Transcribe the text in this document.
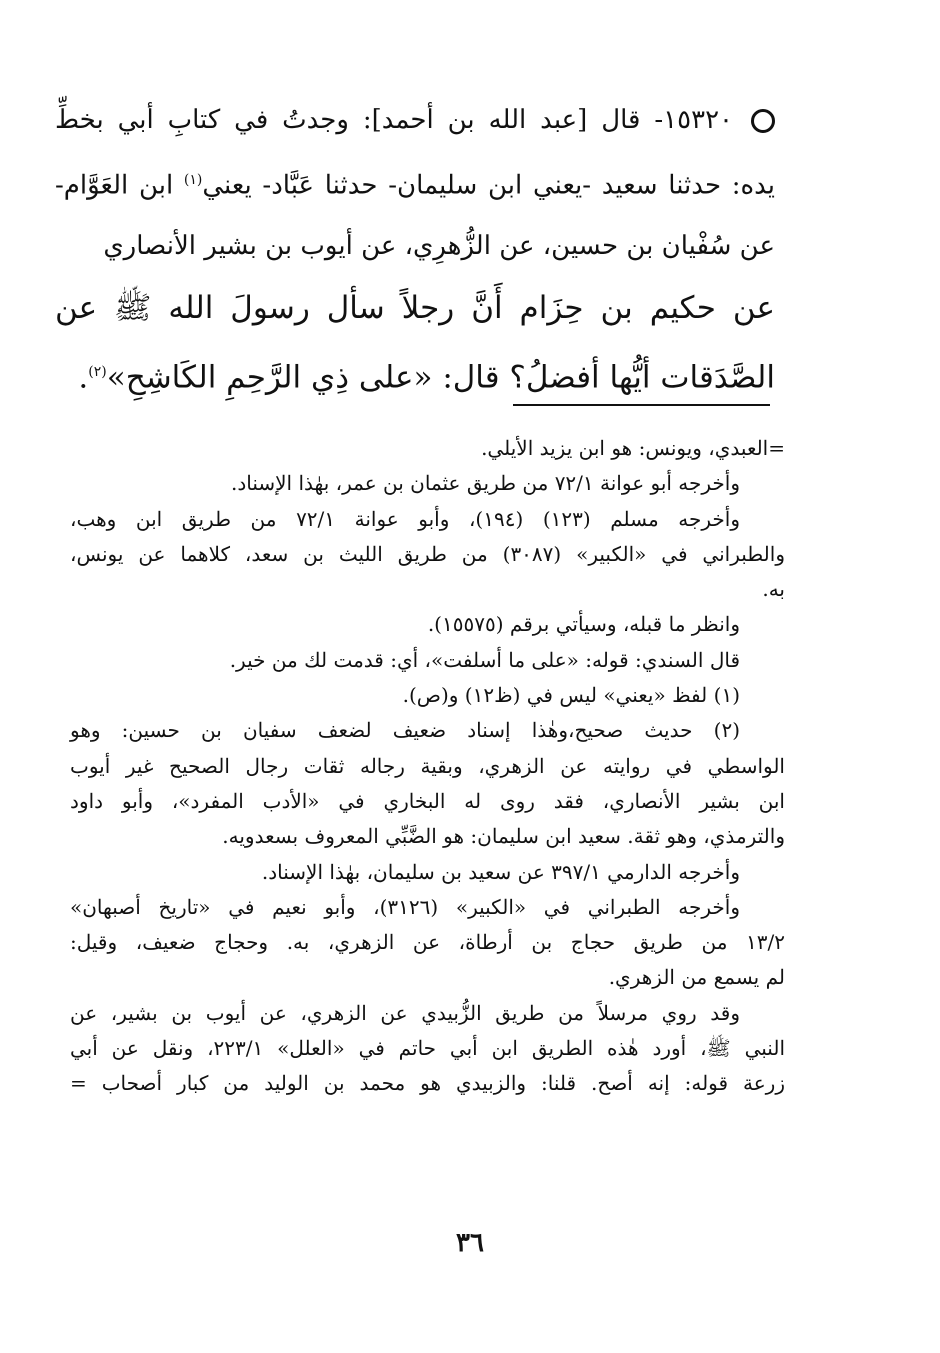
١٥٣٢٠- قال [عبد الله بن أحمد]: وجدتُ في كتابِ أبي بخطِّ
يده: حدثنا سعيد -يعني ابن سليمان- حدثنا عَبَّاد- يعني$^{(١)}$ ابن العَوَّام-
عن سُفْيان بن حسين، عن الزُّهرِي، عن أيوب بن بشير الأنصاري
عن حكيم بن حِزَام أَنَّ رجلاً سأل رسولَ الله ﷺ عن
الصَّدَقات أيُّها أفضلُ؟ قال: «على ذِي الرَّحِمِ الكَاشِحِ»$^{(٢)}$.
=العبدي، ويونس: هو ابن يزيد الأيلي.
وأخرجه أبو عوانة ٧٢/١ من طريق عثمان بن عمر، بهٰذا الإسناد.
وأخرجه مسلم (١٢٣) (١٩٤)، وأبو عوانة ٧٢/١ من طريق ابن وهب،
والطبراني في «الكبير» (٣٠٨٧) من طريق الليث بن سعد، كلاهما عن يونس،
به.
وانظر ما قبله، وسيأتي برقم (١٥٥٧٥).
قال السندي: قوله: «على ما أسلفت»، أي: قدمت لك من خير.
(١) لفظ «يعني» ليس في (ظ١٢) و(ص).
(٢) حديث صحيح،وهٰذا إسناد ضعيف لضعف سفيان بن حسين: وهو
الواسطي في روايته عن الزهري، وبقية رجاله ثقات رجال الصحيح غير أيوب
ابن بشير الأنصاري، فقد روى له البخاري في «الأدب المفرد»، وأبو داود
والترمذي، وهو ثقة. سعيد ابن سليمان: هو الضَّبِّي المعروف بسعدويه.
وأخرجه الدارمي ٣٩٧/١ عن سعيد بن سليمان، بهٰذا الإسناد.
وأخرجه الطبراني في «الكبير» (٣١٢٦)، وأبو نعيم في «تاريخ أصبهان»
١٣/٢ من طريق حجاج بن أرطاة، عن الزهري، به. وحجاج ضعيف، وقيل:
لم يسمع من الزهري.
وقد روي مرسلاً من طريق الزُّبيدي عن الزهري، عن أيوب بن بشير، عن
النبي ﷺ، أورد هٰذه الطريق ابن أبي حاتم في «العلل» ٢٢٣/١، ونقل عن أبي
زرعة قوله: إنه أصح. قلنا: والزبيدي هو محمد بن الوليد من كبار أصحاب =
٣٦
